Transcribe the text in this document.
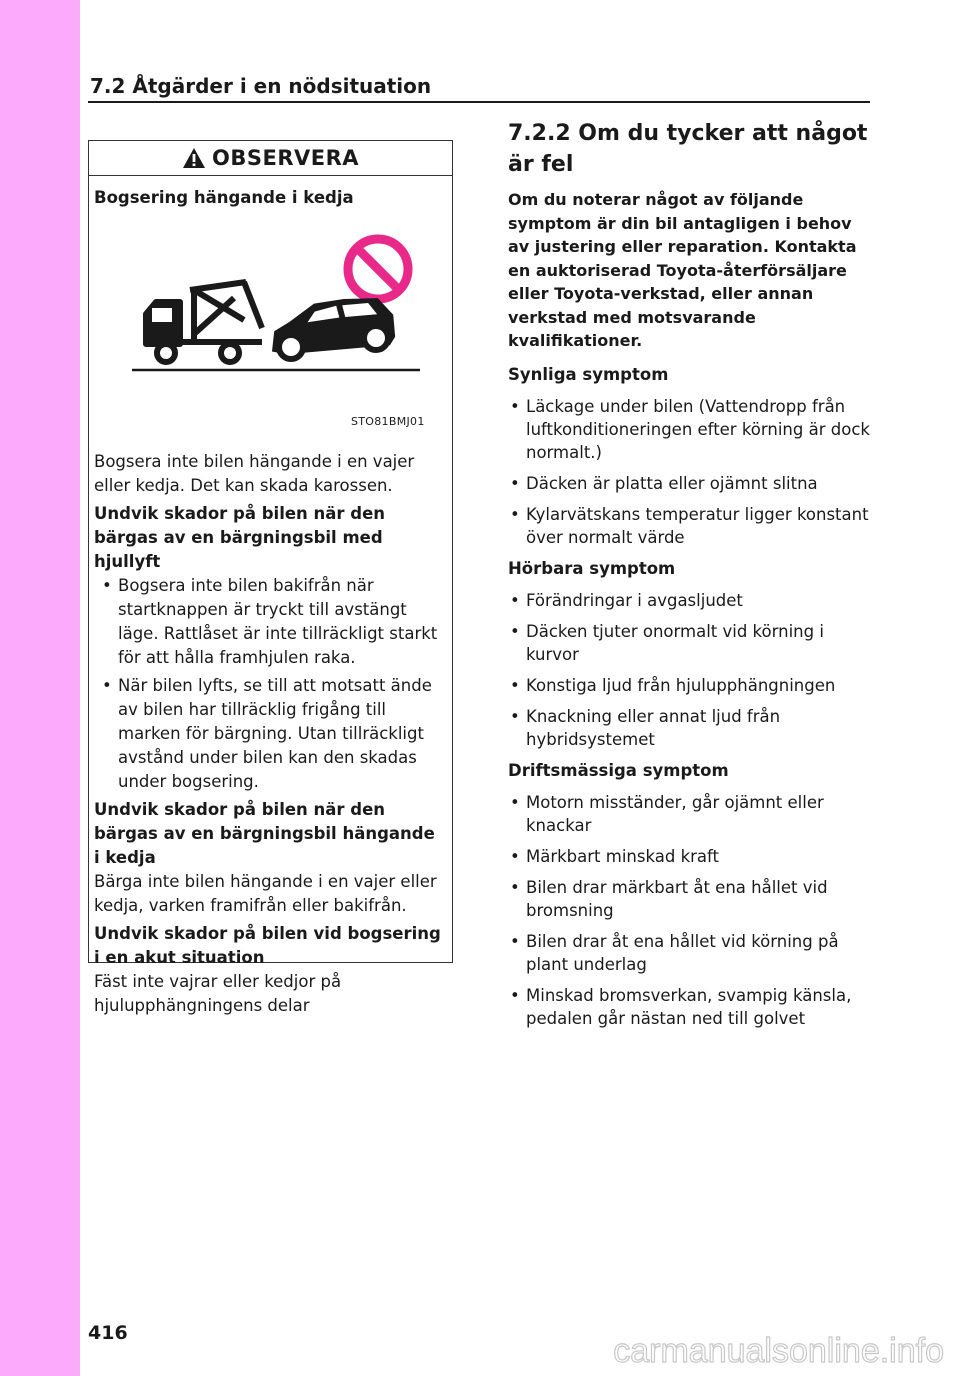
7.2 Åtgärder i en nödsituation
OBSERVERA

Bogsering hängande i kedja

STO81BMJ01

Bogsera inte bilen hängande i en vajer eller kedja. Det kan skada karossen.

Undvik skador på bilen när den bärgas av en bärgningsbil med hjullyft

• Bogsera inte bilen bakifrån när startknappen är tryckt till avstängt läge. Rattlåset är inte tillräckligt starkt för att hålla framhjulen raka.
• När bilen lyfts, se till att motsatt ände av bilen har tillräcklig frigång till marken för bärgning. Utan tillräckligt avstånd under bilen kan den skadas under bogsering.

Undvik skador på bilen när den bärgas av en bärgningsbil hängande i kedja

Bärga inte bilen hängande i en vajer eller kedja, varken framifrån eller bakifrån.

Undvik skador på bilen vid bogsering i en akut situation

Fäst inte vajrar eller kedjor på hjulupphängningens delar

7.2.2 Om du tycker att något är fel

Om du noterar något av följande symptom är din bil antagligen i behov av justering eller reparation. Kontakta en auktoriserad Toyota-återförsäljare eller Toyota-verkstad, eller annan verkstad med motsvarande kvalifikationer.

Synliga symptom

• Läckage under bilen (Vattendropp från luftkonditioneringen efter körning är dock normalt.)
• Däcken är platta eller ojämnt slitna
• Kylarvätskans temperatur ligger konstant över normalt värde

Hörbara symptom

• Förändringar i avgasljudet
• Däcken tjuter onormalt vid körning i kurvor
• Konstiga ljud från hjulupphängningen
• Knackning eller annat ljud från hybridsystemet

Driftsmässiga symptom

• Motorn misständer, går ojämnt eller knackar
• Märkbart minskad kraft
• Bilen drar märkbart åt ena hållet vid bromsning
• Bilen drar åt ena hållet vid körning på plant underlag
• Minskad bromsverkan, svampig känsla, pedalen går nästan ned till golvet
416	carmanualsonline.info
